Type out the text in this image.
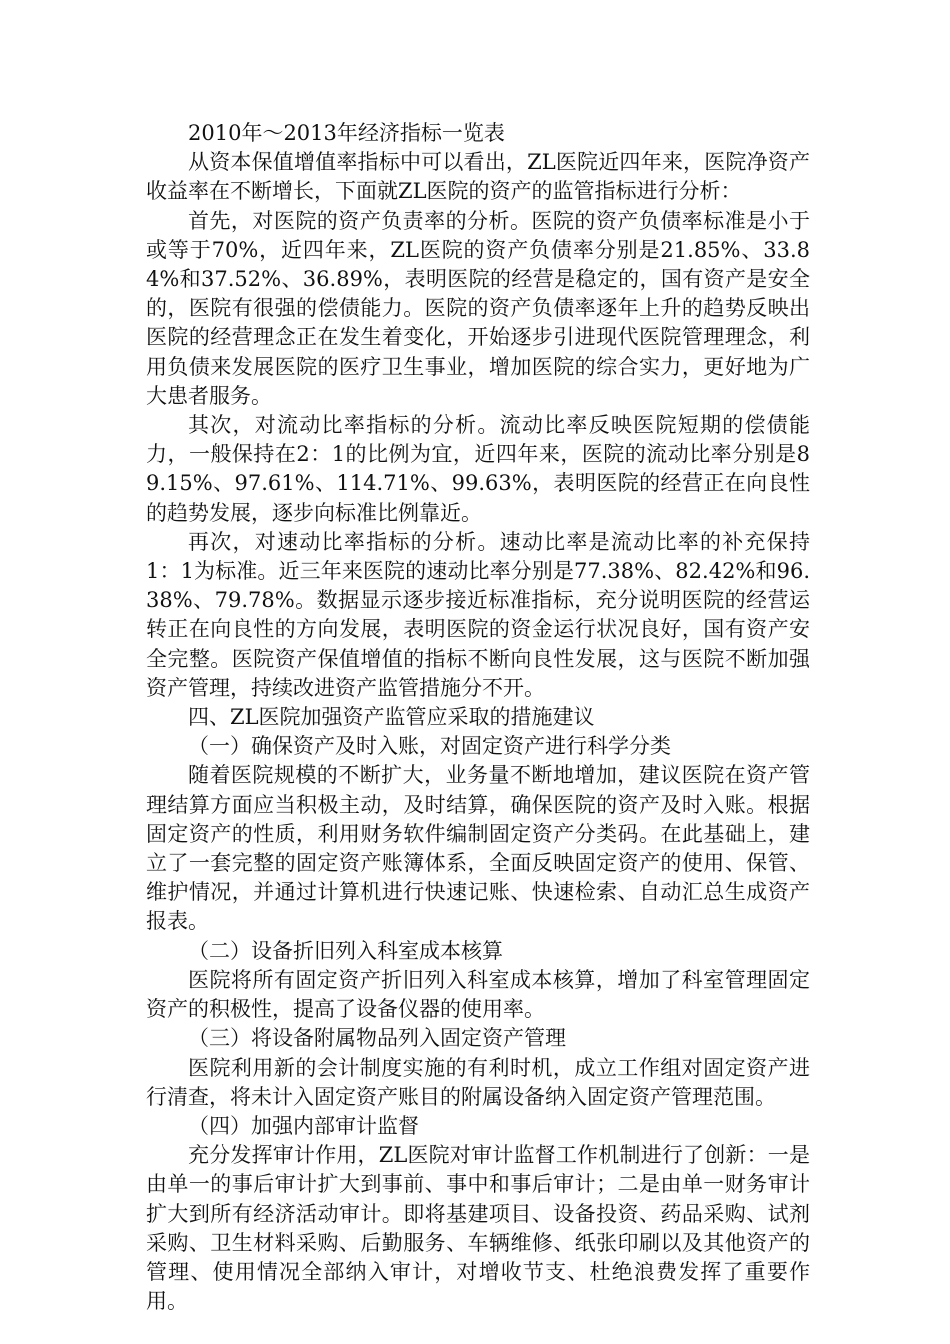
2010年～2013年经济指标一览表

从资本保值增值率指标中可以看出，ZL医院近四年来，医院净资产收益率在不断增长，下面就ZL医院的资产的监管指标进行分析：

首先，对医院的资产负责率的分析。医院的资产负债率标准是小于或等于70%，近四年来，ZL医院的资产负债率分别是21.85%、33.84%和37.52%、36.89%，表明医院的经营是稳定的，国有资产是安全的，医院有很强的偿债能力。医院的资产负债率逐年上升的趋势反映出医院的经营理念正在发生着变化，开始逐步引进现代医院管理理念，利用负债来发展医院的医疗卫生事业，增加医院的综合实力，更好地为广大患者服务。

其次，对流动比率指标的分析。流动比率反映医院短期的偿债能力，一般保持在2：1的比例为宜，近四年来，医院的流动比率分别是89.15%、97.61%、114.71%、99.63%，表明医院的经营正在向良性的趋势发展，逐步向标准比例靠近。

再次，对速动比率指标的分析。速动比率是流动比率的补充保持1：1为标准。近三年来医院的速动比率分别是77.38%、82.42%和96.38%、79.78%。数据显示逐步接近标准指标，充分说明医院的经营运转正在向良性的方向发展，表明医院的资金运行状况良好，国有资产安全完整。医院资产保值增值的指标不断向良性发展，这与医院不断加强资产管理，持续改进资产监管措施分不开。

四、ZL医院加强资产监管应采取的措施建议

（一）确保资产及时入账，对固定资产进行科学分类

随着医院规模的不断扩大，业务量不断地增加，建议医院在资产管理结算方面应当积极主动，及时结算，确保医院的资产及时入账。根据固定资产的性质，利用财务软件编制固定资产分类码。在此基础上，建立了一套完整的固定资产账簿体系，全面反映固定资产的使用、保管、维护情况，并通过计算机进行快速记账、快速检索、自动汇总生成资产报表。

（二）设备折旧列入科室成本核算

医院将所有固定资产折旧列入科室成本核算，增加了科室管理固定资产的积极性，提高了设备仪器的使用率。

（三）将设备附属物品列入固定资产管理

医院利用新的会计制度实施的有利时机，成立工作组对固定资产进行清查，将未计入固定资产账目的附属设备纳入固定资产管理范围。

（四）加强内部审计监督

充分发挥审计作用，ZL医院对审计监督工作机制进行了创新：一是由单一的事后审计扩大到事前、事中和事后审计；二是由单一财务审计扩大到所有经济活动审计。即将基建项目、设备投资、药品采购、试剂采购、卫生材料采购、后勤服务、车辆维修、纸张印刷以及其他资产的管理、使用情况全部纳入审计，对增收节支、杜绝浪费发挥了重要作用。
